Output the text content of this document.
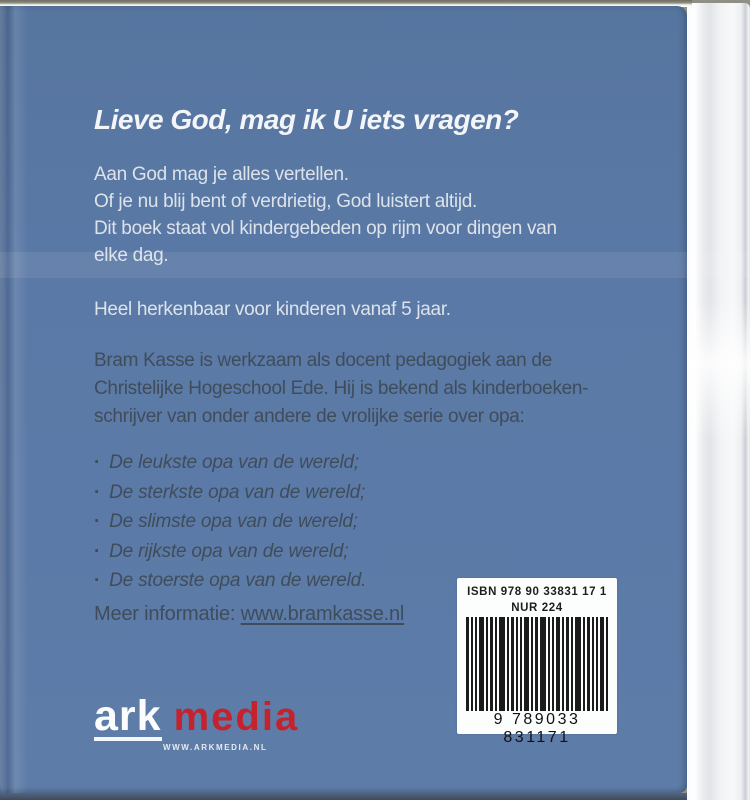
Lieve God, mag ik U iets vragen?
Aan God mag je alles vertellen.
Of je nu blij bent of verdrietig, God luistert altijd.
Dit boek staat vol kindergebeden op rijm voor dingen van
elke dag.
Heel herkenbaar voor kinderen vanaf 5 jaar.
Bram Kasse is werkzaam als docent pedagogiek aan de
Christelijke Hogeschool Ede. Hij is bekend als kinderboeken-
schrijver van onder andere de vrolijke serie over opa:
· De leukste opa van de wereld;
· De sterkste opa van de wereld;
· De slimste opa van de wereld;
· De rijkste opa van de wereld;
· De stoerste opa van de wereld.
Meer informatie: www.bramkasse.nl
ark media
WWW.ARKMEDIA.NL
ISBN 978 90 33831 17 1
NUR 224
9 789033 831171
